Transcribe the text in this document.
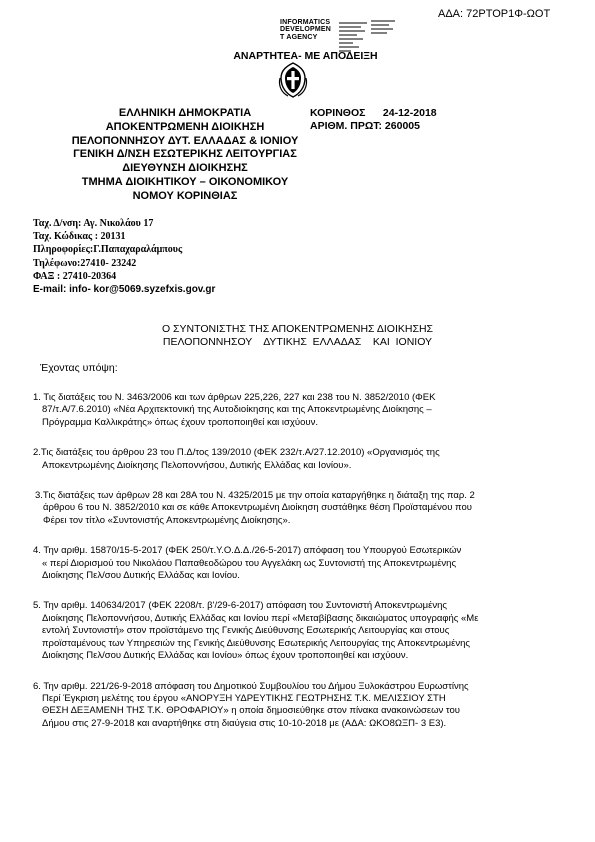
ΑΔΑ: 72ΡΤΟΡ1Φ-ΩΟΤ
INFORMATICS
DEVELOPMEN
T AGENCY
ΑΝΑΡΤΗΤΕΑ- ΜΕ ΑΠΟΔΕΙΞΗ
ΕΛΛΗΝΙΚΗ ΔΗΜΟΚΡΑΤΙΑ
ΑΠΟΚΕΝΤΡΩΜΕΝΗ ΔΙΟΙΚΗΣΗ
ΠΕΛΟΠΟΝΝΗΣΟΥ ΔΥΤ. ΕΛΛΑΔΑΣ & ΙΟΝΙΟΥ
ΓΕΝΙΚΗ Δ/ΝΣΗ ΕΣΩΤΕΡΙΚΗΣ ΛΕΙΤΟΥΡΓΙΑΣ
ΔΙΕΥΘΥΝΣΗ ΔΙΟΙΚΗΣΗΣ
ΤΜΗΜΑ ΔΙΟΙΚΗΤΙΚΟΥ – ΟΙΚΟΝΟΜΙΚΟΥ
ΝΟΜΟΥ ΚΟΡΙΝΘΙΑΣ
ΚΟΡΙΝΘΟΣ      24-12-2018
ΑΡΙΘΜ. ΠΡΩΤ: 260005
Ταχ. Δ/νση: Αγ. Νικολάου 17
Ταχ. Κώδικας : 20131
Πληροφορίες:Γ.Παπαχαραλάμπους
Τηλέφωνο:27410- 23242
ΦΑΞ : 27410-20364
E-mail: info- kor@5069.syzefxis.gov.gr
Ο ΣΥΝΤΟΝΙΣΤΗΣ ΤΗΣ ΑΠΟΚΕΝΤΡΩΜΕΝΗΣ ΔΙΟΙΚΗΣΗΣ
ΠΕΛΟΠΟΝΝΗΣΟΥ    ΔΥΤΙΚΗΣ  ΕΛΛΑΔΑΣ    ΚΑΙ  ΙΟΝΙΟΥ
Έχοντας υπόψη:

1. Τις διατάξεις του Ν. 3463/2006 και των άρθρων 225,226, 227 και 238 του Ν. 3852/2010 (ΦΕΚ

87/τ.Α/7.6.2010) «Νέα Αρχιτεκτονική της Αυτοδιοίκησης και της Αποκεντρωμένης Διοίκησης –

Πρόγραμμα Καλλικράτης» όπως έχουν τροποποιηθεί και ισχύουν.

2.Τις διατάξεις του άρθρου 23 του Π.Δ/τος 139/2010 (ΦΕΚ 232/τ.Α/27.12.2010) «Οργανισμός της

Αποκεντρωμένης Διοίκησης Πελοποννήσου, Δυτικής Ελλάδας και Ιονίου».

3.Τις διατάξεις των άρθρων 28 και 28Α του Ν. 4325/2015 με την οποία καταργήθηκε η διάταξη της παρ. 2

άρθρου 6 του Ν. 3852/2010 και σε κάθε Αποκεντρωμένη Διοίκηση συστάθηκε θέση Προϊσταμένου που

Φέρει τον τίτλο «Συντονιστής Αποκεντρωμένης Διοίκησης».

4. Την αριθμ. 15870/15-5-2017 (ΦΕΚ 250/τ.Υ.Ο.Δ.Δ./26-5-2017) απόφαση του Υπουργού Εσωτερικών

« περί Διορισμού του Νικολάου Παπαθεοδώρου του Αγγελάκη ως Συντονιστή της Αποκεντρωμένης

Διοίκησης Πελ/σου Δυτικής Ελλάδας και Ιονίου.

5. Την αριθμ. 140634/2017 (ΦΕΚ 2208/τ. β'/29-6-2017) απόφαση του Συντονιστή Αποκεντρωμένης

Διοίκησης Πελοποννήσου, Δυτικής Ελλάδας και Ιονίου περί «Μεταβίβασης δικαιώματος υπογραφής «Με

εντολή Συντονιστή» στον προϊστάμενο της Γενικής Διεύθυνσης Εσωτερικής Λειτουργίας και στους

προϊσταμένους των Υπηρεσιών της Γενικής Διεύθυνσης Εσωτερικής Λειτουργίας της Αποκεντρωμένης

Διοίκησης Πελ/σου Δυτικής Ελλάδας και Ιονίου» όπως έχουν τροποποιηθεί και ισχύουν.

6. Την αριθμ. 221/26-9-2018 απόφαση του Δημοτικού Συμβουλίου του Δήμου Ξυλοκάστρου Ευρωστίνης

Περί Έγκριση μελέτης του έργου «ΑΝΟΡΥΞΗ ΥΔΡΕΥΤΙΚΗΣ ΓΕΩΤΡΗΣΗΣ Τ.Κ. ΜΕΛΙΣΣΙΟΥ ΣΤΗ

ΘΕΣΗ ΔΕΞΑΜΕΝΗ ΤΗΣ Τ.Κ. ΘΡΟΦΑΡΙΟΥ» η οποία δημοσιεύθηκε στον πίνακα ανακοινώσεων του

Δήμου στις 27-9-2018 και αναρτήθηκε στη διαύγεια στις 10-10-2018 με (ΑΔΑ: ΩΚΟ8ΩΞΠ- 3 Ε3).
